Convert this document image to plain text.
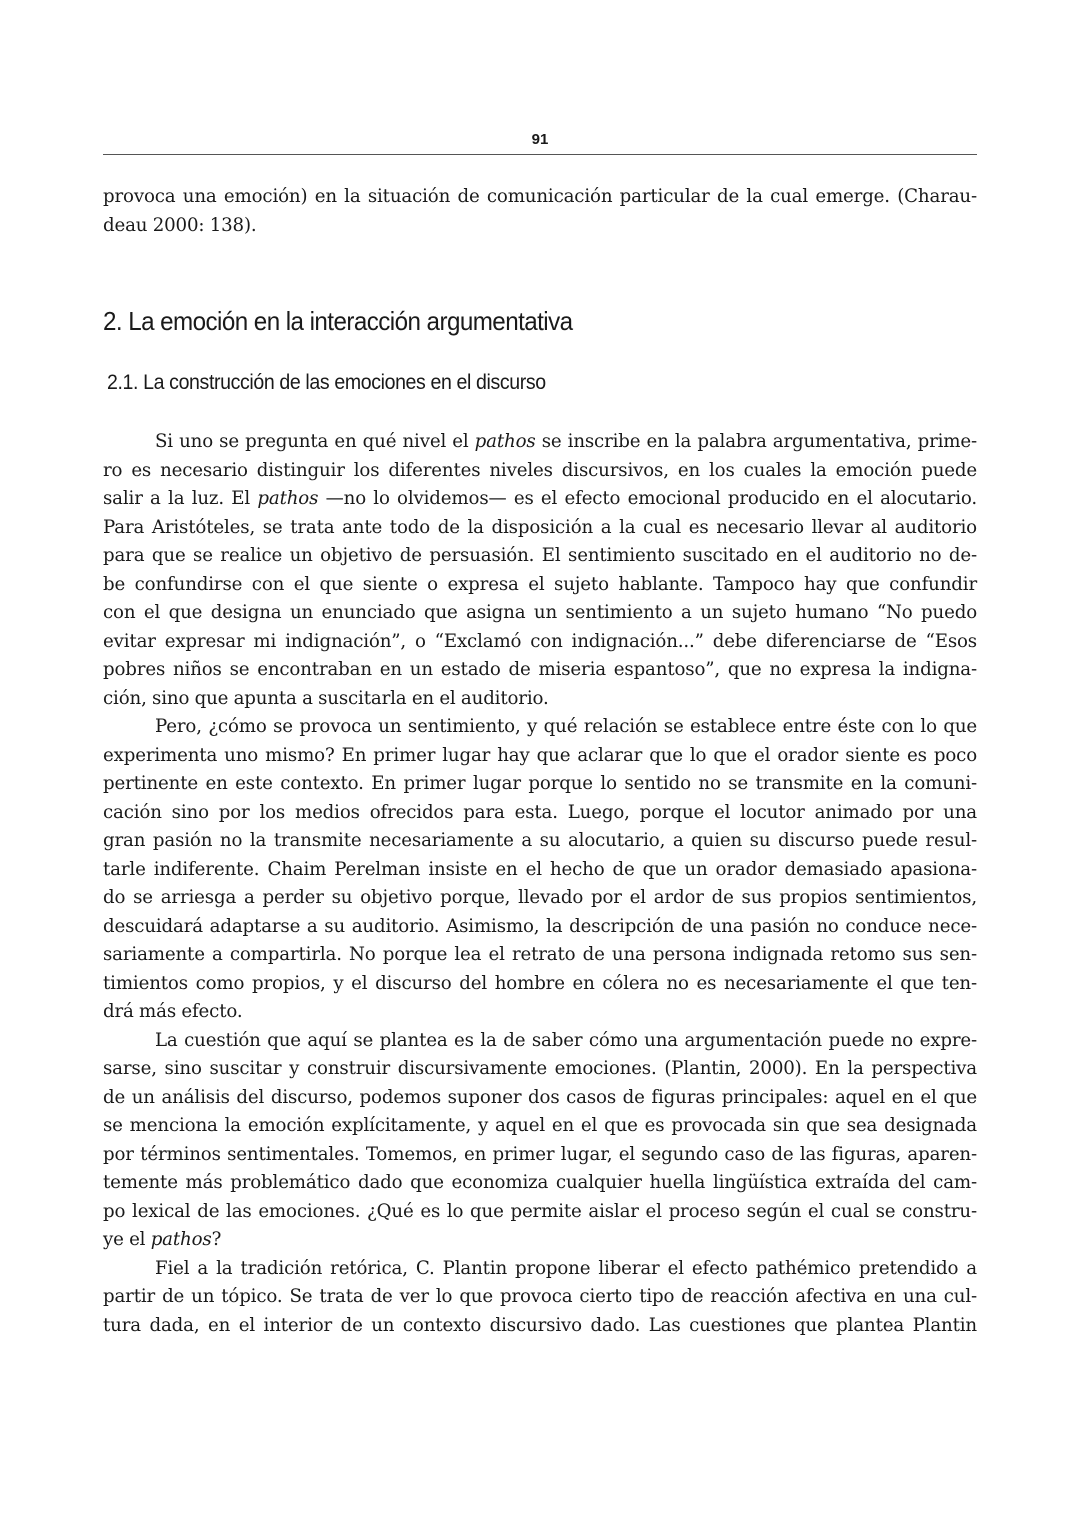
91
provoca una emoción) en la situación de comunicación particular de la cual emerge. (Charau-
deau 2000: 138).
2. La emoción en la interacción argumentativa
2.1. La construcción de las emociones en el discurso

Si uno se pregunta en qué nivel el pathos se inscribe en la palabra argumentativa, prime-
ro es necesario distinguir los diferentes niveles discursivos, en los cuales la emoción puede
salir a la luz. El pathos —no lo olvidemos— es el efecto emocional producido en el alocutario.
Para Aristóteles, se trata ante todo de la disposición a la cual es necesario llevar al auditorio
para que se realice un objetivo de persuasión. El sentimiento suscitado en el auditorio no de-
be confundirse con el que siente o expresa el sujeto hablante. Tampoco hay que confundir
con el que designa un enunciado que asigna un sentimiento a un sujeto humano “No puedo
evitar expresar mi indignación”, o “Exclamó con indignación...” debe diferenciarse de “Esos
pobres niños se encontraban en un estado de miseria espantoso”, que no expresa la indigna-
ción, sino que apunta a suscitarla en el auditorio.

Pero, ¿cómo se provoca un sentimiento, y qué relación se establece entre éste con lo que
experimenta uno mismo? En primer lugar hay que aclarar que lo que el orador siente es poco
pertinente en este contexto. En primer lugar porque lo sentido no se transmite en la comuni-
cación sino por los medios ofrecidos para esta. Luego, porque el locutor animado por una
gran pasión no la transmite necesariamente a su alocutario, a quien su discurso puede resul-
tarle indiferente. Chaim Perelman insiste en el hecho de que un orador demasiado apasiona-
do se arriesga a perder su objetivo porque, llevado por el ardor de sus propios sentimientos,
descuidará adaptarse a su auditorio. Asimismo, la descripción de una pasión no conduce nece-
sariamente a compartirla. No porque lea el retrato de una persona indignada retomo sus sen-
timientos como propios, y el discurso del hombre en cólera no es necesariamente el que ten-
drá más efecto.

La cuestión que aquí se plantea es la de saber cómo una argumentación puede no expre-
sarse, sino suscitar y construir discursivamente emociones. (Plantin, 2000). En la perspectiva
de un análisis del discurso, podemos suponer dos casos de figuras principales: aquel en el que
se menciona la emoción explícitamente, y aquel en el que es provocada sin que sea designada
por términos sentimentales. Tomemos, en primer lugar, el segundo caso de las figuras, aparen-
temente más problemático dado que economiza cualquier huella lingüística extraída del cam-
po lexical de las emociones. ¿Qué es lo que permite aislar el proceso según el cual se constru-
ye el pathos?

Fiel a la tradición retórica, C. Plantin propone liberar el efecto pathémico pretendido a
partir de un tópico. Se trata de ver lo que provoca cierto tipo de reacción afectiva en una cul-
tura dada, en el interior de un contexto discursivo dado. Las cuestiones que plantea Plantin
